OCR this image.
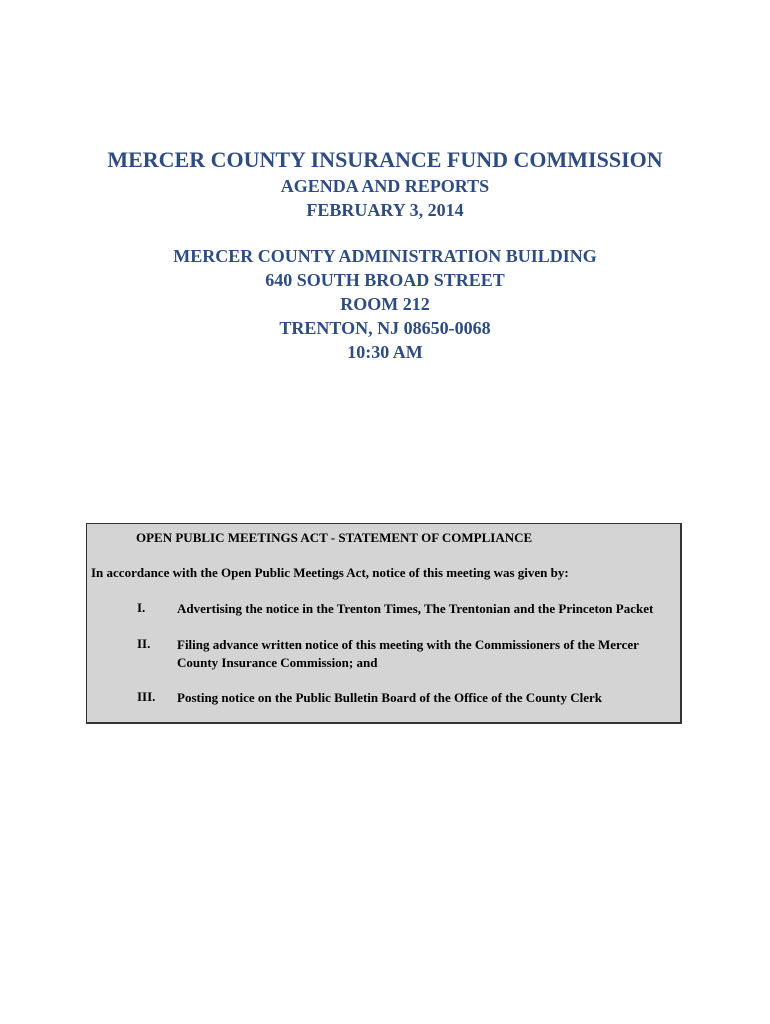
MERCER COUNTY INSURANCE FUND COMMISSION
AGENDA AND REPORTS
FEBRUARY 3, 2014
MERCER COUNTY ADMINISTRATION BUILDING
640 SOUTH BROAD STREET
ROOM 212
TRENTON, NJ 08650-0068
10:30 AM
OPEN PUBLIC MEETINGS ACT - STATEMENT OF COMPLIANCE
In accordance with the Open Public Meetings Act, notice of this meeting was given by:
I. Advertising the notice in the Trenton Times, The Trentonian and the Princeton Packet
II. Filing advance written notice of this meeting with the Commissioners of the Mercer County Insurance Commission; and
III. Posting notice on the Public Bulletin Board of the Office of the County Clerk
